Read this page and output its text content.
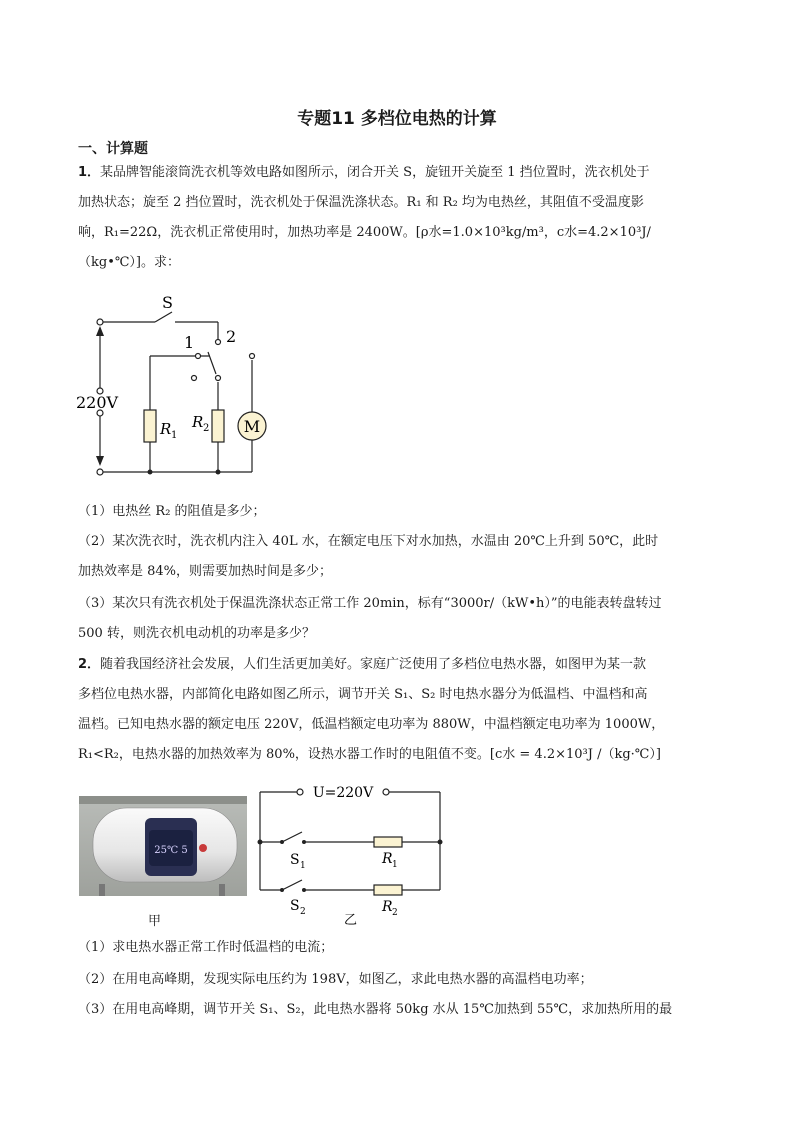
专题11 多档位电热的计算
一、计算题
1．某品牌智能滚筒洗衣机等效电路如图所示，闭合开关 S，旋钮开关旋至 1 挡位置时，洗衣机处于
加热状态；旋至 2 挡位置时，洗衣机处于保温洗涤状态。R₁ 和 R₂ 均为电热丝，其阻值不受温度影
响，R₁=22Ω，洗衣机正常使用时，加热功率是 2400W。[ρ水=1.0×10³kg/m³，c水=4.2×10³J/
（kg•℃）]。求：
M
S
220V
1 2
R 1
R 2
（1）电热丝 R₂ 的阻值是多少；
（2）某次洗衣时，洗衣机内注入 40L 水，在额定电压下对水加热，水温由 20℃上升到 50℃，此时
加热效率是 84%，则需要加热时间是多少；
（3）某次只有洗衣机处于保温洗涤状态正常工作 20min，标有“3000r/（kW•h）”的电能表转盘转过
500 转，则洗衣机电动机的功率是多少？
2．随着我国经济社会发展，人们生活更加美好。家庭广泛使用了多档位电热水器，如图甲为某一款
多档位电热水器，内部简化电路如图乙所示，调节开关 S₁、S₂ 时电热水器分为低温档、中温档和高
温档。已知电热水器的额定电压 220V，低温档额定电功率为 880W，中温档额定电功率为 1000W，
R₁<R₂，电热水器的加热效率为 80%，设热水器工作时的电阻值不变。[c水 = 4.2×10³J /（kg·℃）]
25℃ 5
甲
U=220V
S 1
S 2
R 1
R 2
乙
（1）求电热水器正常工作时低温档的电流；
（2）在用电高峰期，发现实际电压约为 198V，如图乙，求此电热水器的高温档电功率；
（3）在用电高峰期，调节开关 S₁、S₂，此电热水器将 50kg 水从 15℃加热到 55℃，求加热所用的最
